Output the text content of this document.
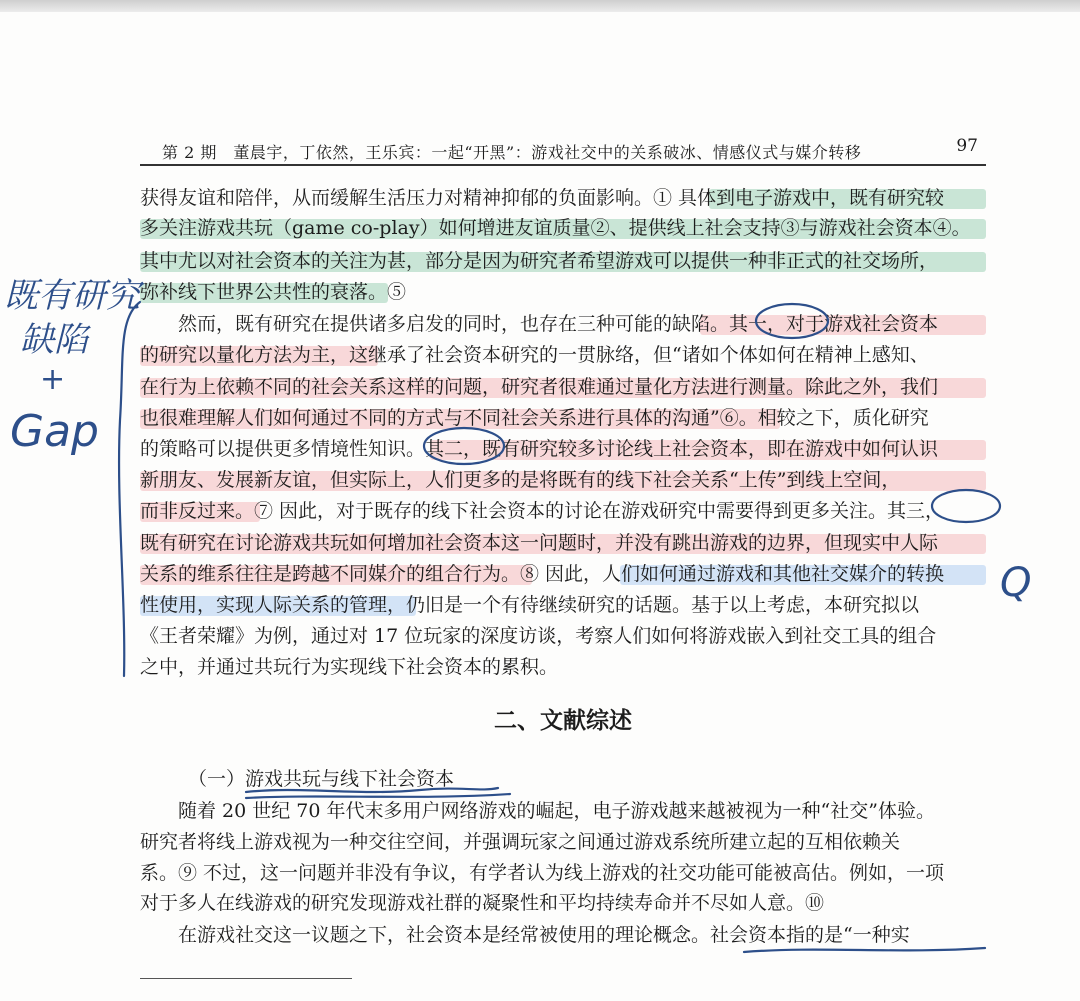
第 2 期　董晨宇，丁依然，王乐宾：一起“开黑”：游戏社交中的关系破冰、情感仪式与媒介转移	97
获得友谊和陪伴，从而缓解生活压力对精神抑郁的负面影响。① 具体到电子游戏中，既有研究较
多关注游戏共玩（game co-play）如何增进友谊质量②、提供线上社会支持③与游戏社会资本④。
其中尤以对社会资本的关注为甚，部分是因为研究者希望游戏可以提供一种非正式的社交场所，
弥补线下世界公共性的衰落。⑤
　　然而，既有研究在提供诸多启发的同时，也存在三种可能的缺陷。其一，对于游戏社会资本
的研究以量化方法为主，这继承了社会资本研究的一贯脉络，但“诸如个体如何在精神上感知、
在行为上依赖不同的社会关系这样的问题，研究者很难通过量化方法进行测量。除此之外，我们
也很难理解人们如何通过不同的方式与不同社会关系进行具体的沟通”⑥。相较之下，质化研究
的策略可以提供更多情境性知识。其二，既有研究较多讨论线上社会资本，即在游戏中如何认识
新朋友、发展新友谊，但实际上，人们更多的是将既有的线下社会关系“上传”到线上空间，
而非反过来。⑦ 因此，对于既存的线下社会资本的讨论在游戏研究中需要得到更多关注。其三，
既有研究在讨论游戏共玩如何增加社会资本这一问题时，并没有跳出游戏的边界，但现实中人际
关系的维系往往是跨越不同媒介的组合行为。⑧ 因此，人们如何通过游戏和其他社交媒介的转换
性使用，实现人际关系的管理，仍旧是一个有待继续研究的话题。基于以上考虑，本研究拟以
《王者荣耀》为例，通过对 17 位玩家的深度访谈，考察人们如何将游戏嵌入到社交工具的组合
之中，并通过共玩行为实现线下社会资本的累积。
二、文献综述
（一）游戏共玩与线下社会资本
　　随着 20 世纪 70 年代末多用户网络游戏的崛起，电子游戏越来越被视为一种“社交”体验。
研究者将线上游戏视为一种交往空间，并强调玩家之间通过游戏系统所建立起的互相依赖关
系。⑨ 不过，这一问题并非没有争议，有学者认为线上游戏的社交功能可能被高估。例如，一项
对于多人在线游戏的研究发现游戏社群的凝聚性和平均持续寿命并不尽如人意。⑩
　　在游戏社交这一议题之下，社会资本是经常被使用的理论概念。社会资本指的是“一种实
既有研究
缺陷
+
Gap
Q
